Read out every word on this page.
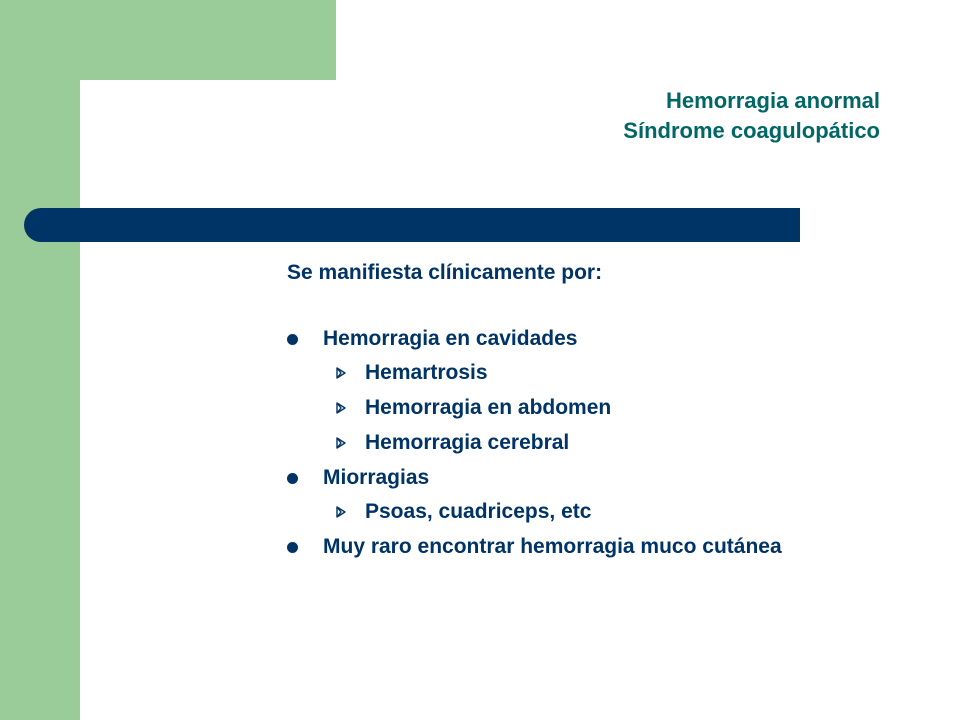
Hemorragia anormal
Síndrome coagulopático
Se manifiesta clínicamente por:
Hemorragia en cavidades
Hemartrosis
Hemorragia en abdomen
Hemorragia cerebral
Miorragias
Psoas, cuadriceps, etc
Muy raro encontrar hemorragia muco cutánea
